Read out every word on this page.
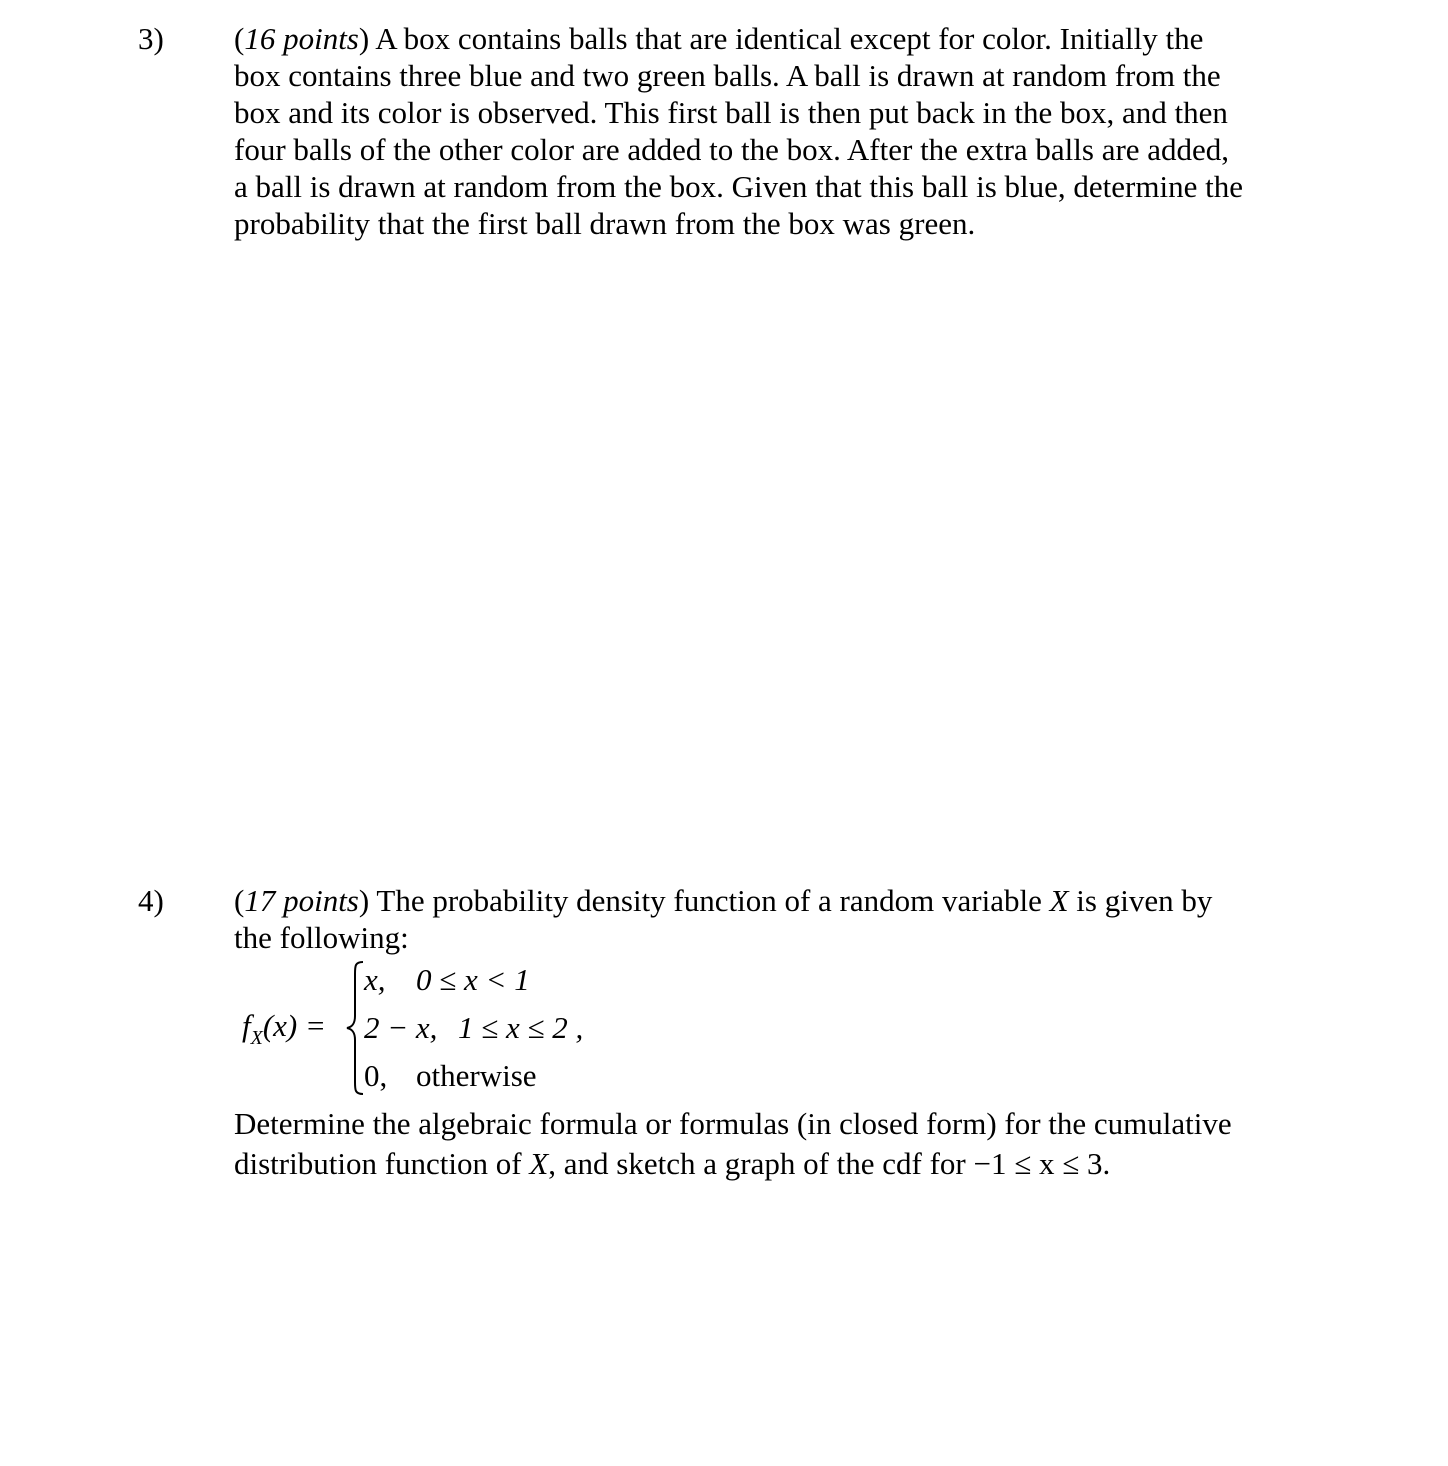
3) (16 points) A box contains balls that are identical except for color. Initially the
box contains three blue and two green balls. A ball is drawn at random from the
box and its color is observed. This first ball is then put back in the box, and then
four balls of the other color are added to the box. After the extra balls are added,
a ball is drawn at random from the box. Given that this ball is blue, determine the
probability that the first ball drawn from the box was green.
4) (17 points) The probability density function of a random variable X is given by
the following:
$f_X(x)$ =
x, 0 ≤ x < 1
2 − x, 1 ≤ x ≤ 2 ,
0, otherwise
Determine the algebraic formula or formulas (in closed form) for the cumulative
distribution function of X, and sketch a graph of the cdf for −1 ≤ x ≤ 3.
